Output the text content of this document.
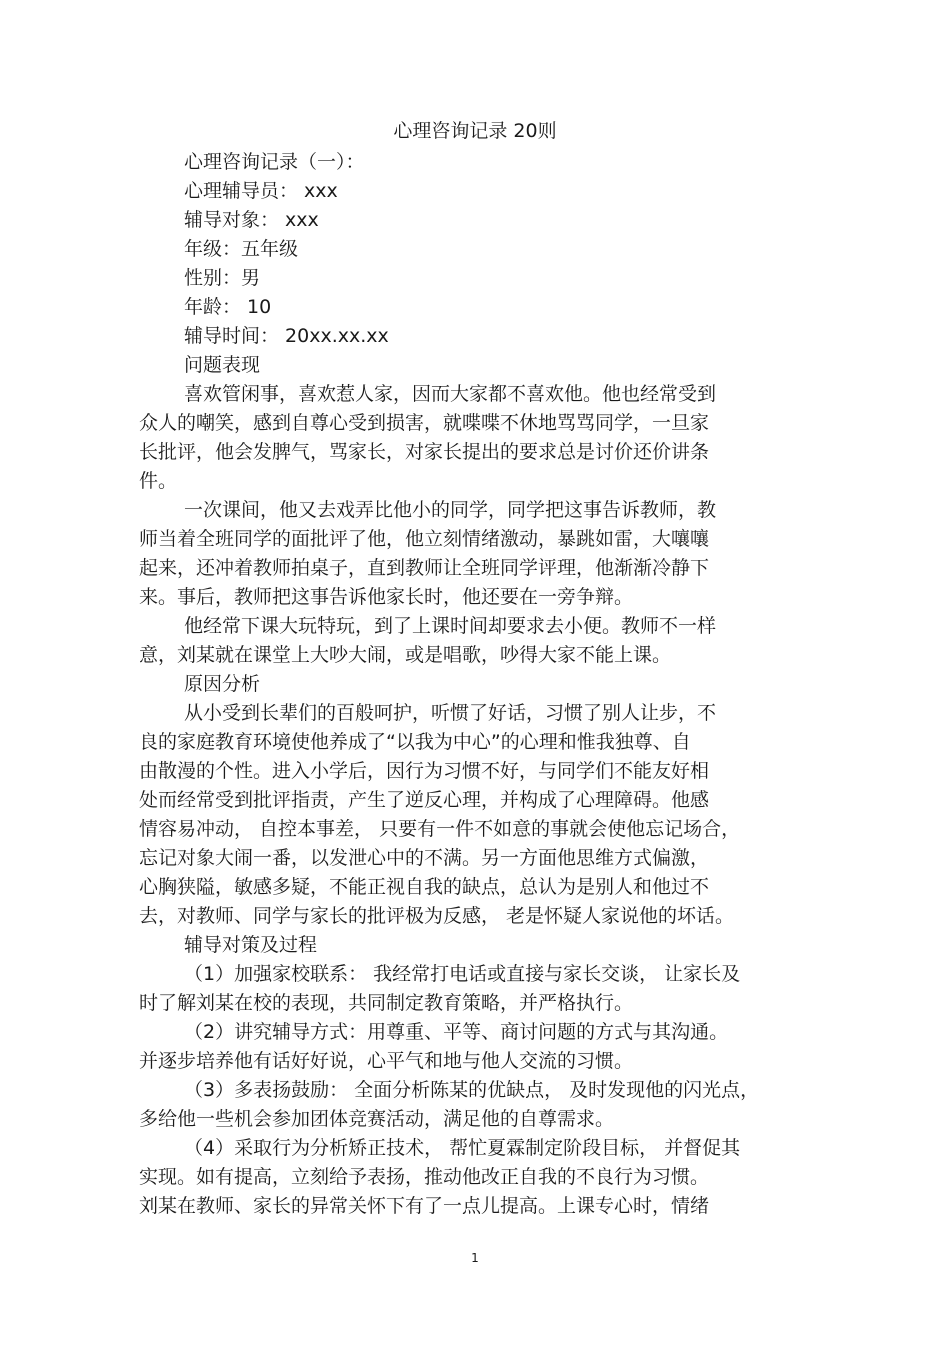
心理咨询记录 20则
心理咨询记录（一）：
心理辅导员： xxx
辅导对象： xxx
年级：五年级
性别：男
年龄： 10
辅导时间： 20xx.xx.xx
问题表现
喜欢管闲事，喜欢惹人家，因而大家都不喜欢他。他也经常受到
众人的嘲笑，感到自尊心受到损害，就喋喋不休地骂骂同学，一旦家
长批评，他会发脾气，骂家长，对家长提出的要求总是讨价还价讲条
件。
一次课间，他又去戏弄比他小的同学，同学把这事告诉教师，教
师当着全班同学的面批评了他，他立刻情绪激动，暴跳如雷，大嚷嚷
起来，还冲着教师拍桌子，直到教师让全班同学评理，他渐渐冷静下
来。事后，教师把这事告诉他家长时，他还要在一旁争辩。
他经常下课大玩特玩，到了上课时间却要求去小便。教师不一样
意，刘某就在课堂上大吵大闹，或是唱歌，吵得大家不能上课。
原因分析
从小受到长辈们的百般呵护，听惯了好话，习惯了别人让步，不
良的家庭教育环境使他养成了“以我为中心”的心理和惟我独尊、自
由散漫的个性。进入小学后，因行为习惯不好，与同学们不能友好相
处而经常受到批评指责，产生了逆反心理，并构成了心理障碍。他感
情容易冲动， 自控本事差， 只要有一件不如意的事就会使他忘记场合，
忘记对象大闹一番，以发泄心中的不满。另一方面他思维方式偏激，
心胸狭隘，敏感多疑，不能正视自我的缺点，总认为是别人和他过不
去，对教师、同学与家长的批评极为反感， 老是怀疑人家说他的坏话。
辅导对策及过程
（1）加强家校联系： 我经常打电话或直接与家长交谈， 让家长及
时了解刘某在校的表现，共同制定教育策略，并严格执行。
（2）讲究辅导方式：用尊重、平等、商讨问题的方式与其沟通。
并逐步培养他有话好好说，心平气和地与他人交流的习惯。
（3）多表扬鼓励： 全面分析陈某的优缺点， 及时发现他的闪光点，
多给他一些机会参加团体竞赛活动，满足他的自尊需求。
（4）采取行为分析矫正技术， 帮忙夏霖制定阶段目标， 并督促其
实现。如有提高，立刻给予表扬，推动他改正自我的不良行为习惯。
刘某在教师、家长的异常关怀下有了一点儿提高。上课专心时，情绪
1
